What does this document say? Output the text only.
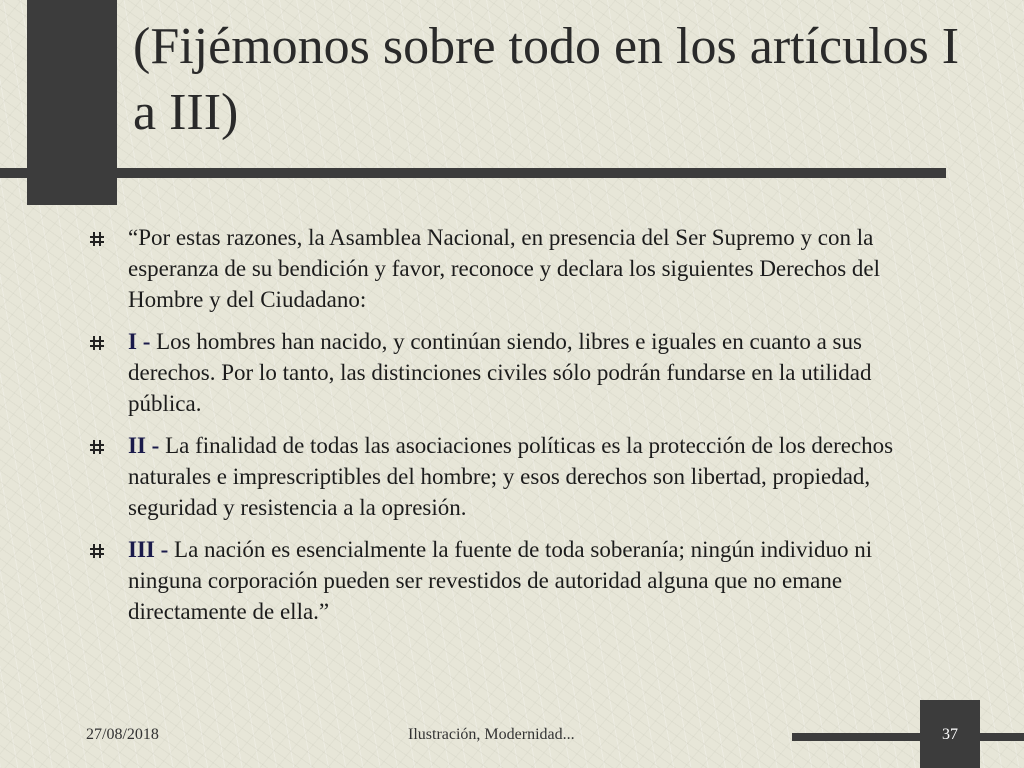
(Fijémonos sobre todo en los artículos I a III)
“Por estas razones, la Asamblea Nacional, en presencia del Ser Supremo y con la esperanza de su bendición y favor, reconoce y declara los siguientes Derechos del Hombre y del Ciudadano:
I - Los hombres han nacido, y continúan siendo, libres e iguales en cuanto a sus derechos. Por lo tanto, las distinciones civiles sólo podrán fundarse en la utilidad pública.
II - La finalidad de todas las asociaciones políticas es la protección de los derechos naturales e imprescriptibles del hombre; y esos derechos son libertad, propiedad, seguridad y resistencia a la opresión.
III - La nación es esencialmente la fuente de toda soberanía; ningún individuo ni ninguna corporación pueden ser revestidos de autoridad alguna que no emane directamente de ella.”
27/08/2018	Ilustración, Modernidad...	37
